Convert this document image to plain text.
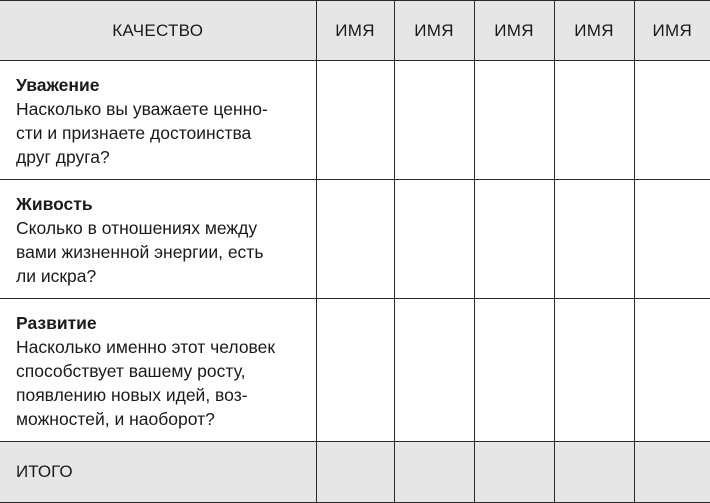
КАЧЕСТВО	ИМЯ	ИМЯ	ИМЯ	ИМЯ	ИМЯ

Уважение
Насколько вы уважаете ценно-
сти и признаете достоинства
друг друга?					

Живость
Сколько в отношениях между
вами жизненной энергии, есть
ли искра?					

Развитие
Насколько именно этот человек
способствует вашему росту,
появлению новых идей, воз-
можностей, и наоборот?					

ИТОГО					
